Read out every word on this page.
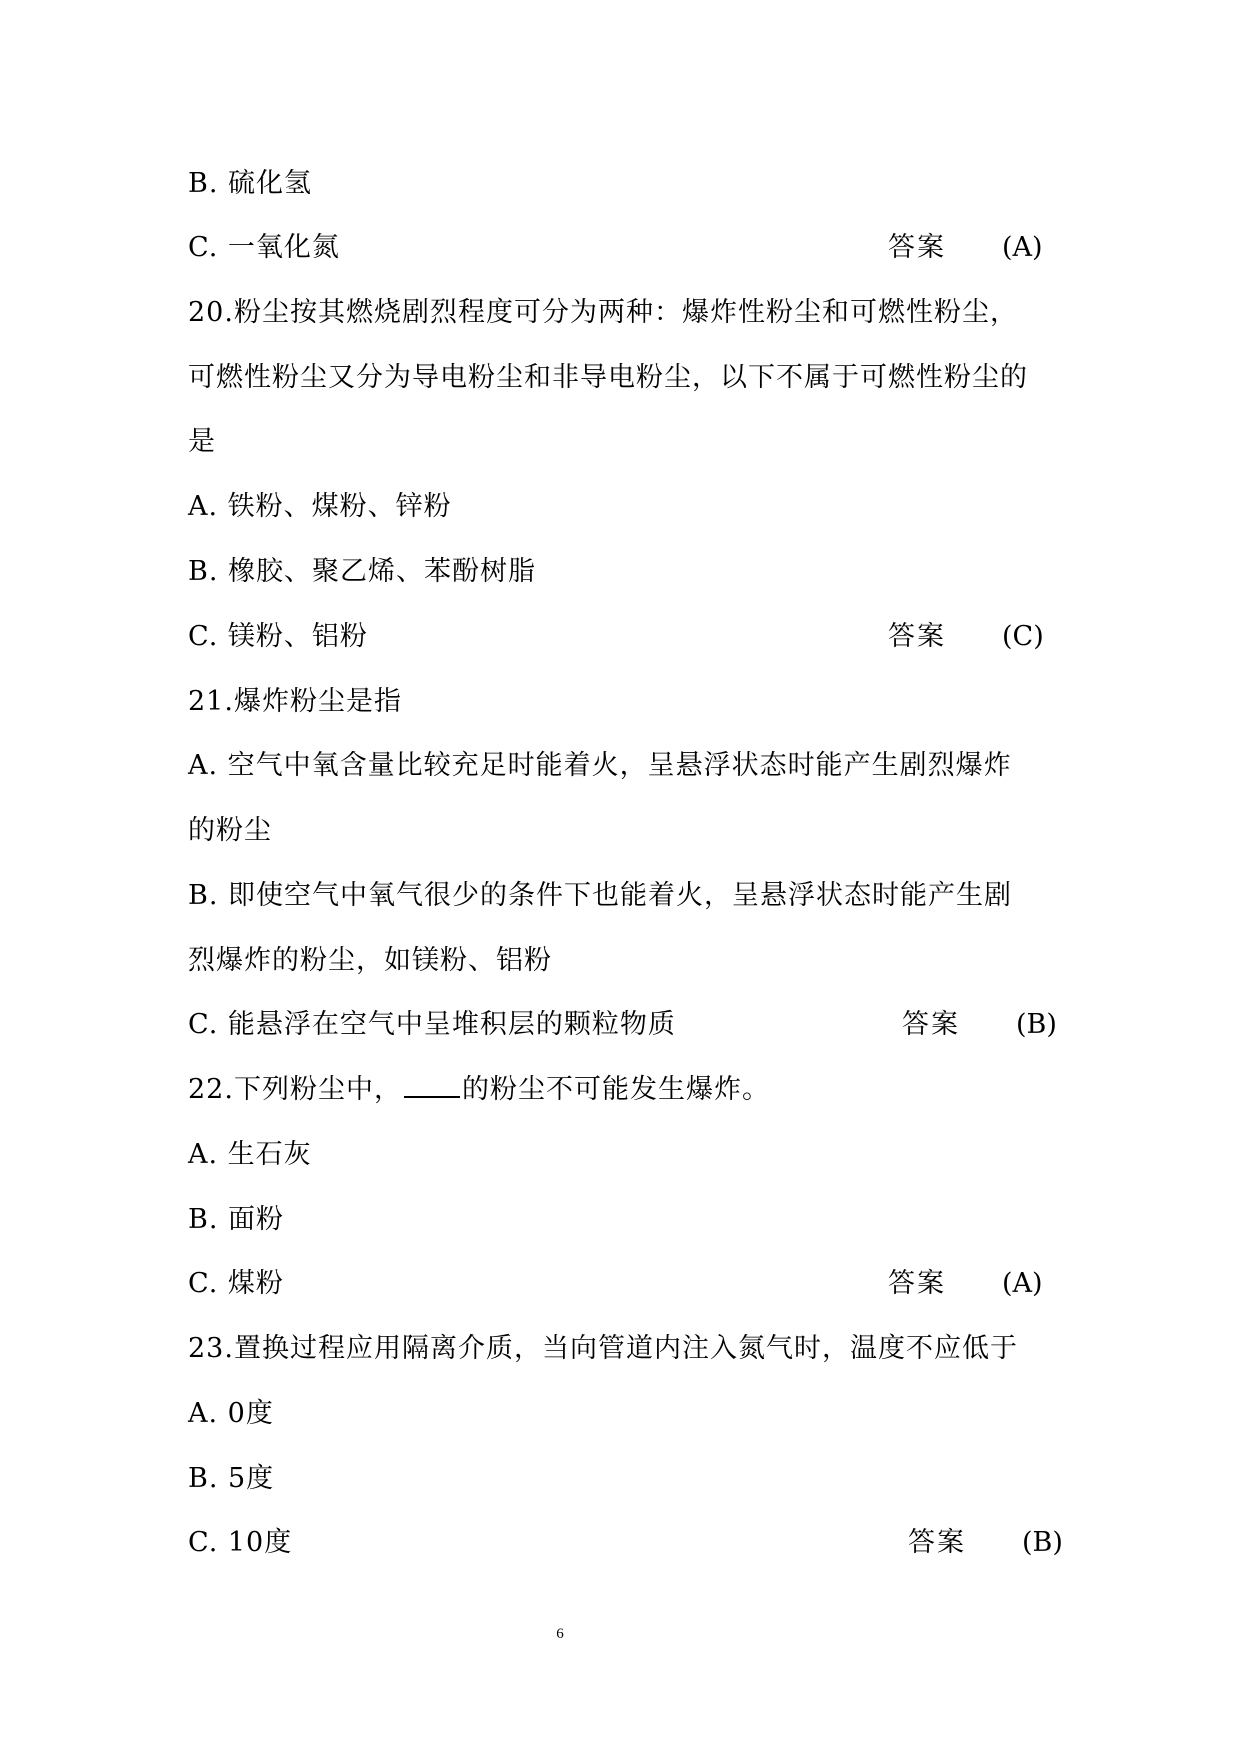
B. 硫化氢
C. 一氧化氮	答案 (A)
20.粉尘按其燃烧剧烈程度可分为两种：爆炸性粉尘和可燃性粉尘，
可燃性粉尘又分为导电粉尘和非导电粉尘，以下不属于可燃性粉尘的
是
A. 铁粉、煤粉、锌粉
B. 橡胶、聚乙烯、苯酚树脂
C. 镁粉、铝粉	答案 (C)
21.爆炸粉尘是指
A. 空气中氧含量比较充足时能着火，呈悬浮状态时能产生剧烈爆炸
的粉尘
B. 即使空气中氧气很少的条件下也能着火，呈悬浮状态时能产生剧
烈爆炸的粉尘，如镁粉、铝粉
C. 能悬浮在空气中呈堆积层的颗粒物质	答案 (B)
22.下列粉尘中， 的粉尘不可能发生爆炸。
A. 生石灰
B. 面粉
C. 煤粉	答案 (A)
23.置换过程应用隔离介质，当向管道内注入氮气时，温度不应低于
A. 0度
B. 5度
C. 10度	答案 (B)
6
